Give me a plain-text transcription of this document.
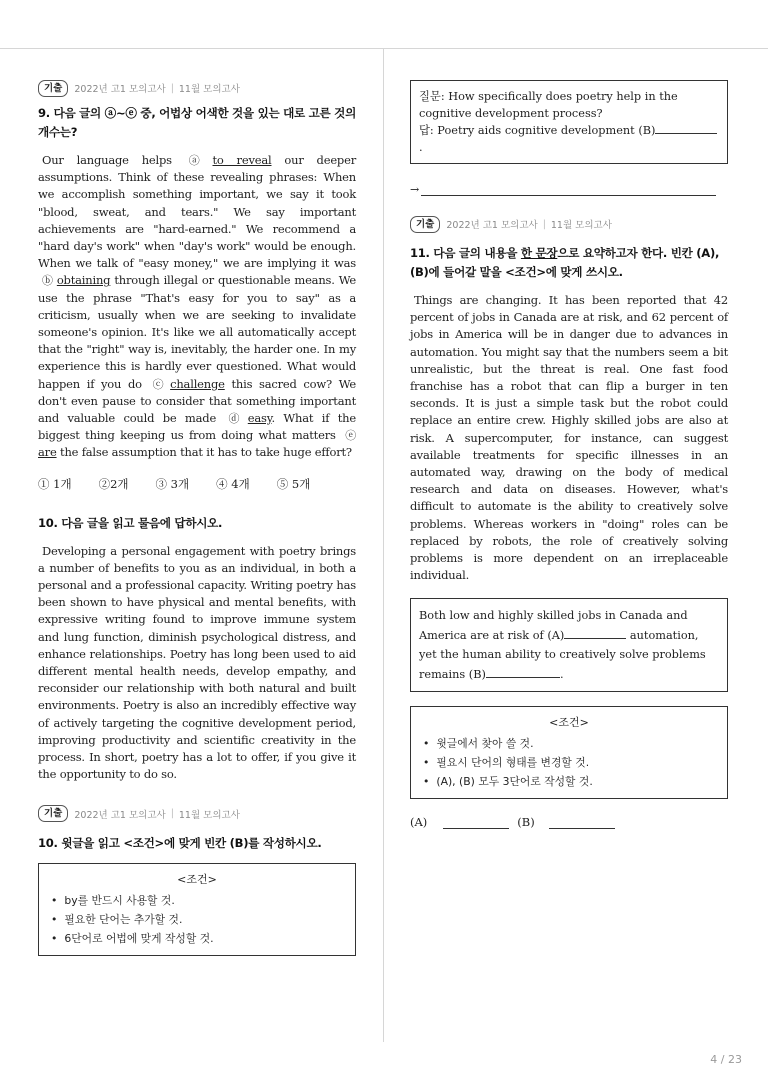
기출	2022년 고1 모의고사 | 11월 모의고사
9. 다음 글의 ⓐ~ⓔ 중, 어법상 어색한 것을 있는 대로 고른 것의 개수는?

Our language helps ⓐ to reveal our deeper assumptions. Think of these revealing phrases: When we accomplish something important, we say it took "blood, sweat, and tears." We say important achievements are "hard-earned." We recommend a "hard day's work" when "day's work" would be enough. When we talk of "easy money," we are implying it was ⓑ obtaining through illegal or questionable means. We use the phrase "That's easy for you to say" as a criticism, usually when we are seeking to invalidate someone's opinion. It's like we all automatically accept that the "right" way is, inevitably, the harder one. In my experience this is hardly ever questioned. What would happen if you do ⓒ challenge this sacred cow? We don't even pause to consider that something important and valuable could be made ⓓ easy. What if the biggest thing keeping us from doing what matters ⓔ are the false assumption that it has to take huge effort?

① 1개 ②2개 ③ 3개 ④ 4개 ⑤ 5개
10. 다음 글을 읽고 물음에 답하시오.

Developing a personal engagement with poetry brings a number of benefits to you as an individual, in both a personal and a professional capacity. Writing poetry has been shown to have physical and mental benefits, with expressive writing found to improve immune system and lung function, diminish psychological distress, and enhance relationships. Poetry has long been used to aid different mental health needs, develop empathy, and reconsider our relationship with both natural and built environments. Poetry is also an incredibly effective way of actively targeting the cognitive development period, improving productivity and scientific creativity in the process. In short, poetry has a lot to offer, if you give it the opportunity to do so.

기출	2022년 고1 모의고사 | 11월 모의고사
10. 윗글을 읽고 <조건>에 맞게 빈칸 (B)를 작성하시오.
<조건>
• by를 반드시 사용할 것.
• 필요한 단어는 추가할 것.
• 6단어로 어법에 맞게 작성할 것.
질문: How specifically does poetry help in the cognitive development process?
답: Poetry aids cognitive development (B).
→
기출	2022년 고1 모의고사 | 11월 모의고사
11. 다음 글의 내용을 한 문장으로 요약하고자 한다. 빈칸 (A), (B)에 들어갈 말을 <조건>에 맞게 쓰시오.

Things are changing. It has been reported that 42 percent of jobs in Canada are at risk, and 62 percent of jobs in America will be in danger due to advances in automation. You might say that the numbers seem a bit unrealistic, but the threat is real. One fast food franchise has a robot that can flip a burger in ten seconds. It is just a simple task but the robot could replace an entire crew. Highly skilled jobs are also at risk. A supercomputer, for instance, can suggest available treatments for specific illnesses in an automated way, drawing on the body of medical research and data on diseases. However, what's difficult to automate is the ability to creatively solve problems. Whereas workers in "doing" roles can be replaced by robots, the role of creatively solving problems is more dependent on an irreplaceable individual.

Both low and highly skilled jobs in Canada and America are at risk of (A)	automation, yet the human ability to creatively solve problems remains (B)	.
<조건>
• 윗글에서 찾아 쓸 것.
• 필요시 단어의 형태를 변경할 것.
• (A), (B) 모두 3단어로 작성할 것.
(A)	(B)
4 / 23
